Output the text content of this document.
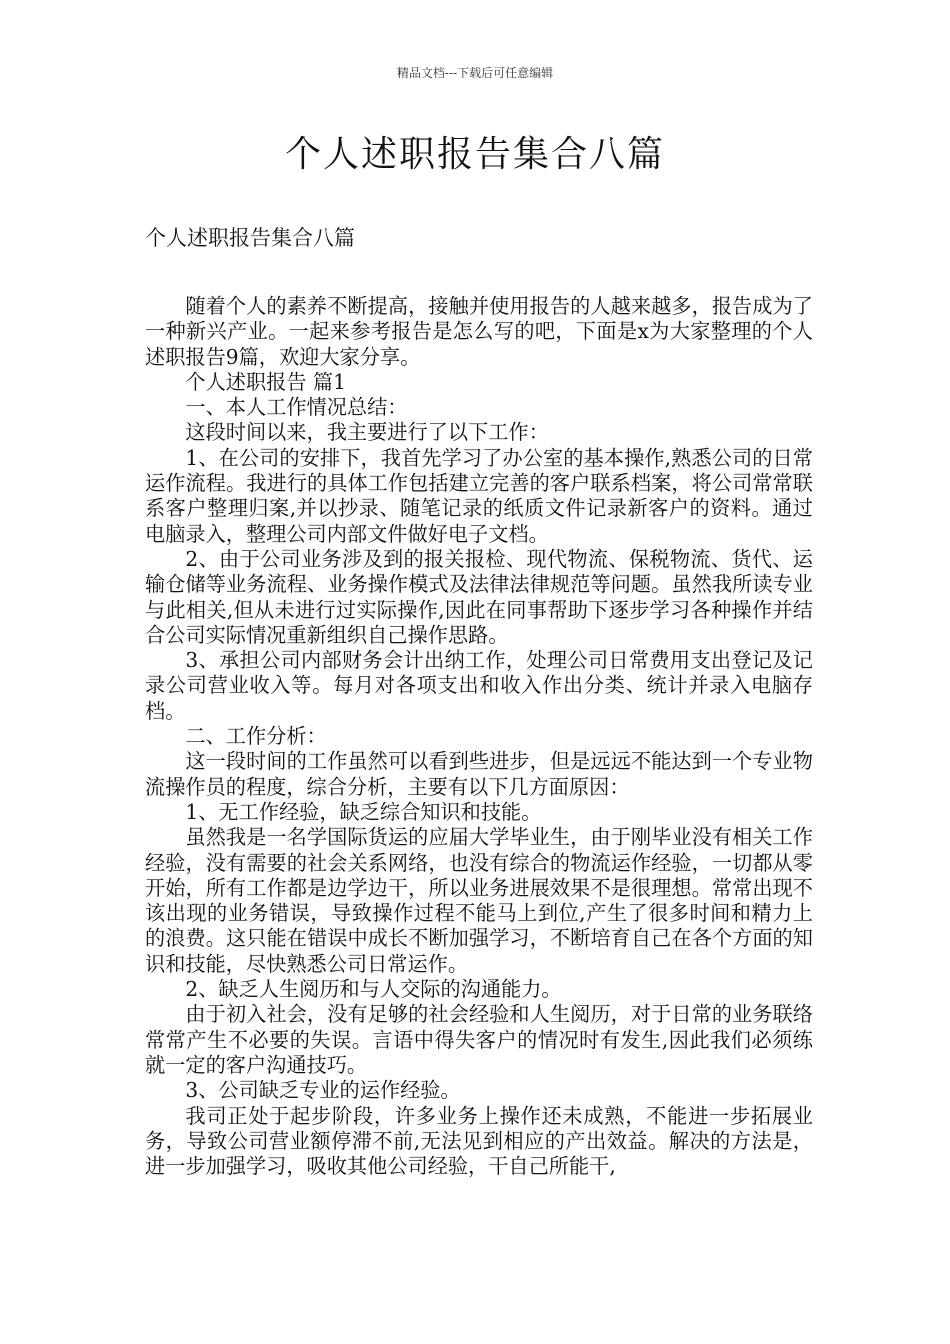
精品文档---下载后可任意编辑
个人述职报告集合八篇
个人述职报告集合八篇

随着个人的素养不断提高，接触并使用报告的人越来越多，报告成为了一种新兴产业。一起来参考报告是怎么写的吧，下面是x为大家整理的个人述职报告9篇，欢迎大家分享。

个人述职报告 篇1

一、本人工作情况总结：

这段时间以来，我主要进行了以下工作：

1、在公司的安排下，我首先学习了办公室的基本操作,熟悉公司的日常运作流程。我进行的具体工作包括建立完善的客户联系档案，将公司常常联系客户整理归案,并以抄录、随笔记录的纸质文件记录新客户的资料。通过电脑录入，整理公司内部文件做好电子文档。

2、由于公司业务涉及到的报关报检、现代物流、保税物流、货代、运输仓储等业务流程、业务操作模式及法律法律规范等问题。虽然我所读专业与此相关,但从未进行过实际操作,因此在同事帮助下逐步学习各种操作并结合公司实际情况重新组织自己操作思路。

3、承担公司内部财务会计出纳工作，处理公司日常费用支出登记及记录公司营业收入等。每月对各项支出和收入作出分类、统计并录入电脑存档。

二、工作分析：

这一段时间的工作虽然可以看到些进步，但是远远不能达到一个专业物流操作员的程度，综合分析，主要有以下几方面原因：

1、无工作经验，缺乏综合知识和技能。

虽然我是一名学国际货运的应届大学毕业生，由于刚毕业没有相关工作经验，没有需要的社会关系网络，也没有综合的物流运作经验，一切都从零开始，所有工作都是边学边干，所以业务进展效果不是很理想。常常出现不该出现的业务错误，导致操作过程不能马上到位,产生了很多时间和精力上的浪费。这只能在错误中成长不断加强学习，不断培育自己在各个方面的知识和技能，尽快熟悉公司日常运作。

2、缺乏人生阅历和与人交际的沟通能力。

由于初入社会，没有足够的社会经验和人生阅历，对于日常的业务联络常常产生不必要的失误。言语中得失客户的情况时有发生,因此我们必须练就一定的客户沟通技巧。

3、公司缺乏专业的运作经验。

我司正处于起步阶段，许多业务上操作还未成熟，不能进一步拓展业务，导致公司营业额停滞不前,无法见到相应的产出效益。解决的方法是，进一步加强学习，吸收其他公司经验，干自己所能干,
